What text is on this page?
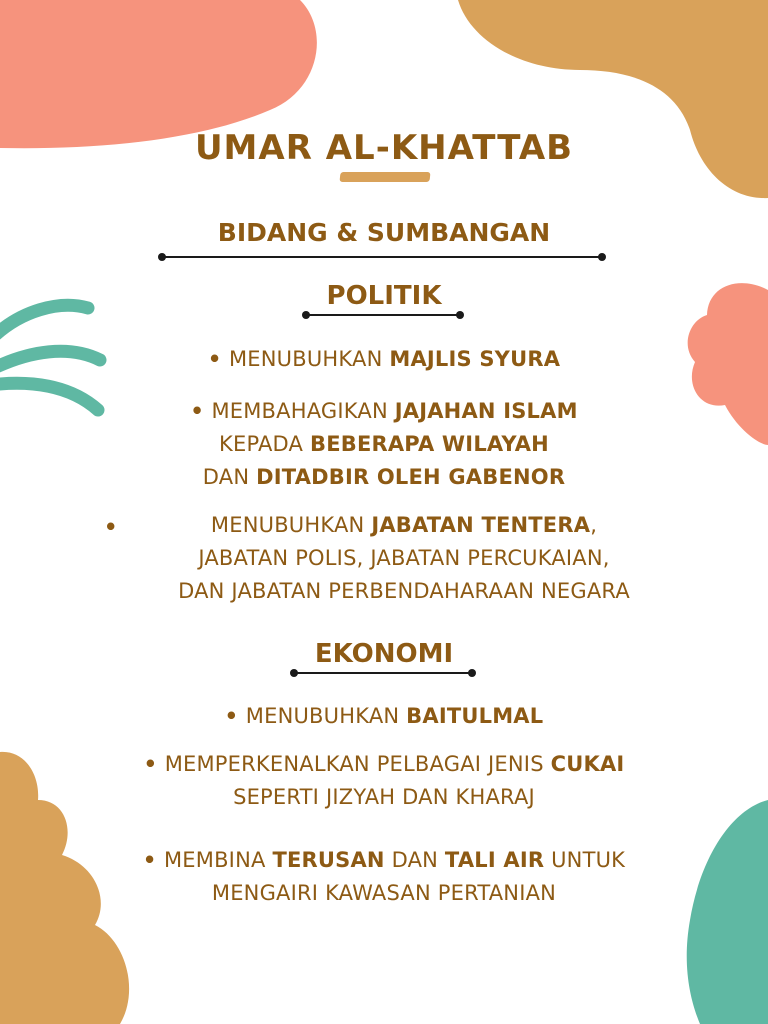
UMAR AL-KHATTAB
BIDANG & SUMBANGAN
POLITIK
• MENUBUHKAN MAJLIS SYURA
• MEMBAHAGIKAN JAJAHAN ISLAM
KEPADA BEBERAPA WILAYAH
DAN DITADBIR OLEH GABENOR
•	MENUBUHKAN JABATAN TENTERA,
JABATAN POLIS, JABATAN PERCUKAIAN,
DAN JABATAN PERBENDAHARAAN NEGARA
EKONOMI
• MENUBUHKAN BAITULMAL
• MEMPERKENALKAN PELBAGAI JENIS CUKAI
SEPERTI JIZYAH DAN KHARAJ
• MEMBINA TERUSAN DAN TALI AIR UNTUK
MENGAIRI KAWASAN PERTANIAN
